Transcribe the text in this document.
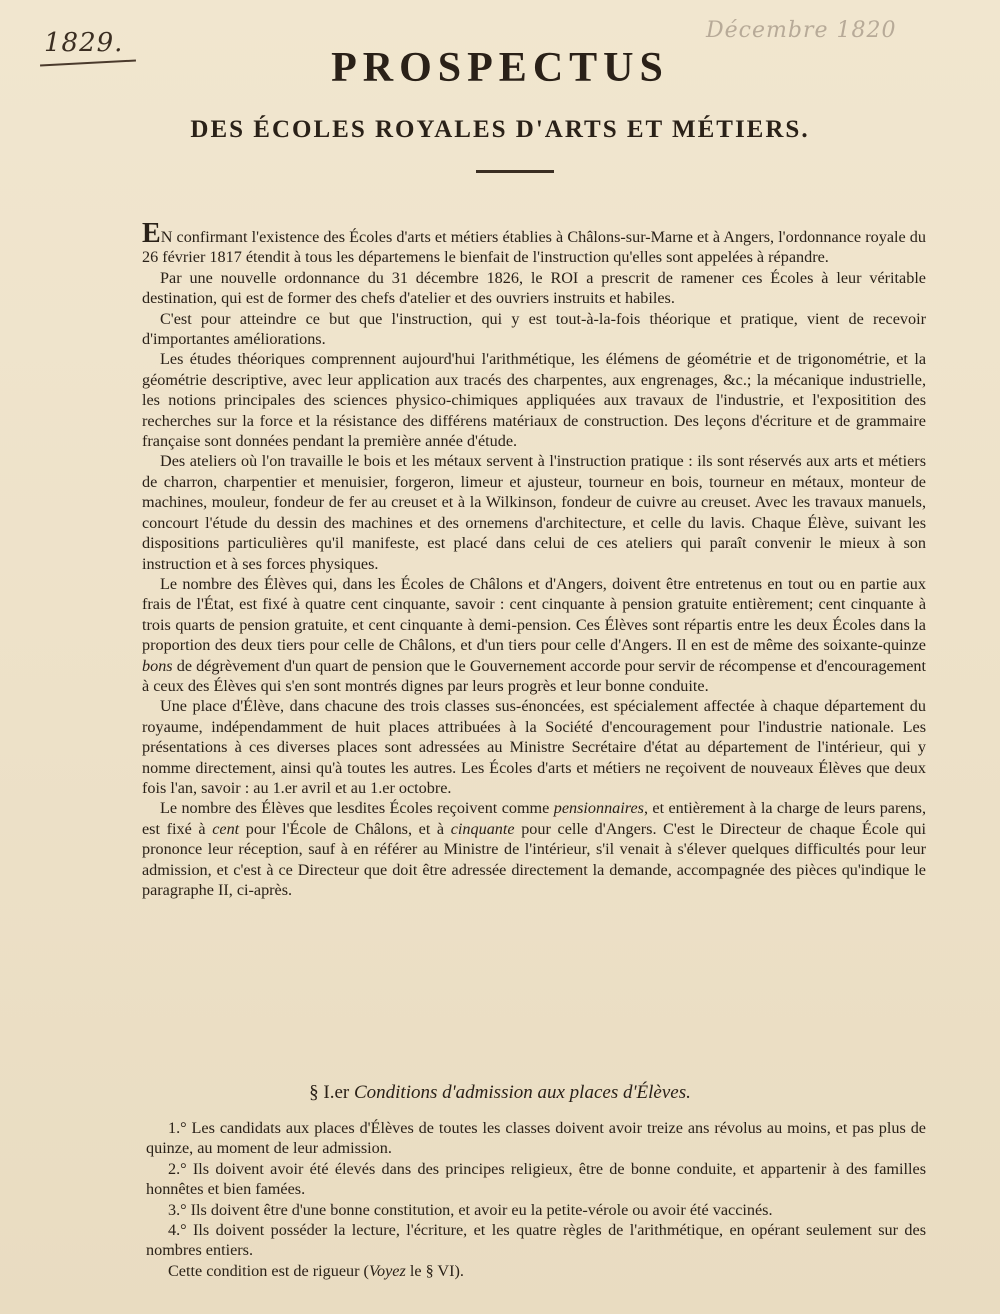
1829.	Décembre 1820
PROSPECTUS
DES ÉCOLES ROYALES D'ARTS ET MÉTIERS.

EN confirmant l'existence des Écoles d'arts et métiers établies à Châlons-sur-Marne et à Angers, l'ordonnance royale du 26 février 1817 étendit à tous les départemens le bienfait de l'instruction qu'elles sont appelées à répandre.

Par une nouvelle ordonnance du 31 décembre 1826, le ROI a prescrit de ramener ces Écoles à leur véritable destination, qui est de former des chefs d'atelier et des ouvriers instruits et habiles.

C'est pour atteindre ce but que l'instruction, qui y est tout-à-la-fois théorique et pratique, vient de recevoir d'importantes améliorations.

Les études théoriques comprennent aujourd'hui l'arithmétique, les élémens de géométrie et de trigonométrie, et la géométrie descriptive, avec leur application aux tracés des charpentes, aux engrenages, &c.; la mécanique industrielle, les notions principales des sciences physico-chimiques appliquées aux travaux de l'industrie, et l'expositition des recherches sur la force et la résistance des différens matériaux de construction. Des leçons d'écriture et de grammaire française sont données pendant la première année d'étude.

Des ateliers où l'on travaille le bois et les métaux servent à l'instruction pratique : ils sont réservés aux arts et métiers de charron, charpentier et menuisier, forgeron, limeur et ajusteur, tourneur en bois, tourneur en métaux, monteur de machines, mouleur, fondeur de fer au creuset et à la Wilkinson, fondeur de cuivre au creuset. Avec les travaux manuels, concourt l'étude du dessin des machines et des ornemens d'architecture, et celle du lavis. Chaque Élève, suivant les dispositions particulières qu'il manifeste, est placé dans celui de ces ateliers qui paraît convenir le mieux à son instruction et à ses forces physiques.

Le nombre des Élèves qui, dans les Écoles de Châlons et d'Angers, doivent être entretenus en tout ou en partie aux frais de l'État, est fixé à quatre cent cinquante, savoir : cent cinquante à pension gratuite entièrement; cent cinquante à trois quarts de pension gratuite, et cent cinquante à demi-pension. Ces Élèves sont répartis entre les deux Écoles dans la proportion des deux tiers pour celle de Châlons, et d'un tiers pour celle d'Angers. Il en est de même des soixante-quinze bons de dégrèvement d'un quart de pension que le Gouvernement accorde pour servir de récompense et d'encouragement à ceux des Élèves qui s'en sont montrés dignes par leurs progrès et leur bonne conduite.

Une place d'Élève, dans chacune des trois classes sus-énoncées, est spécialement affectée à chaque département du royaume, indépendamment de huit places attribuées à la Société d'encouragement pour l'industrie nationale. Les présentations à ces diverses places sont adressées au Ministre Secrétaire d'état au département de l'intérieur, qui y nomme directement, ainsi qu'à toutes les autres. Les Écoles d'arts et métiers ne reçoivent de nouveaux Élèves que deux fois l'an, savoir : au 1.er avril et au 1.er octobre.

Le nombre des Élèves que lesdites Écoles reçoivent comme pensionnaires, et entièrement à la charge de leurs parens, est fixé à cent pour l'École de Châlons, et à cinquante pour celle d'Angers. C'est le Directeur de chaque École qui prononce leur réception, sauf à en référer au Ministre de l'intérieur, s'il venait à s'élever quelques difficultés pour leur admission, et c'est à ce Directeur que doit être adressée directement la demande, accompagnée des pièces qu'indique le paragraphe II, ci-après.

§ I.er Conditions d'admission aux places d'Élèves.

1.° Les candidats aux places d'Élèves de toutes les classes doivent avoir treize ans révolus au moins, et pas plus de quinze, au moment de leur admission.

2.° Ils doivent avoir été élevés dans des principes religieux, être de bonne conduite, et appartenir à des familles honnêtes et bien famées.

3.° Ils doivent être d'une bonne constitution, et avoir eu la petite-vérole ou avoir été vaccinés.

4.° Ils doivent posséder la lecture, l'écriture, et les quatre règles de l'arithmétique, en opérant seulement sur des nombres entiers.

Cette condition est de rigueur (Voyez le § VI).
